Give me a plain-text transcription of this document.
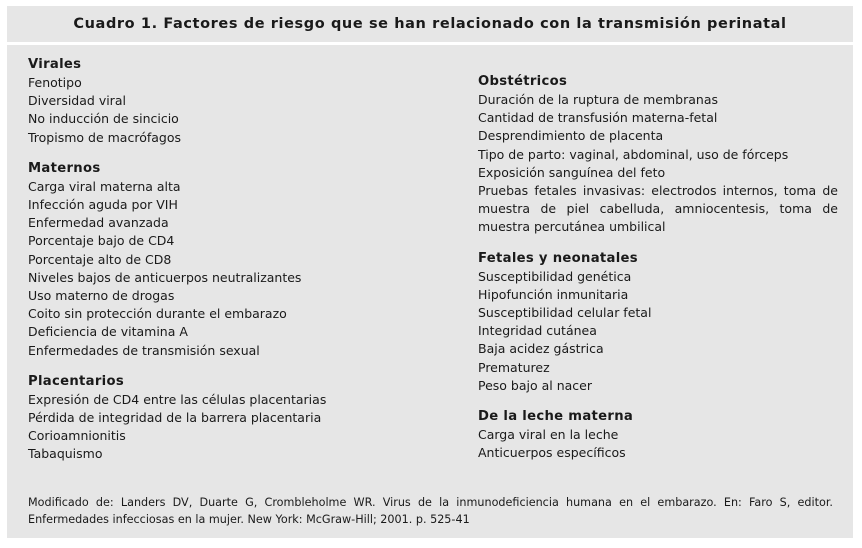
Cuadro 1. Factores de riesgo que se han relacionado con la transmisión perinatal
Virales
Fenotipo
Diversidad viral
No inducción de sincicio
Tropismo de macrófagos
Maternos
Carga viral materna alta
Infección aguda por VIH
Enfermedad avanzada
Porcentaje bajo de CD4
Porcentaje alto de CD8
Niveles bajos de anticuerpos neutralizantes
Uso materno de drogas
Coito sin protección durante el embarazo
Deficiencia de vitamina A
Enfermedades de transmisión sexual
Placentarios
Expresión de CD4 entre las células placentarias
Pérdida de integridad de la barrera placentaria
Corioamnionitis
Tabaquismo
Obstétricos
Duración de la ruptura de membranas
Cantidad de transfusión materna-fetal
Desprendimiento de placenta
Tipo de parto: vaginal, abdominal, uso de fórceps
Exposición sanguínea del feto
Pruebas fetales invasivas: electrodos internos, toma de muestra de piel cabelluda, amniocentesis, toma de muestra percutánea umbilical
Fetales y neonatales
Susceptibilidad genética
Hipofunción inmunitaria
Susceptibilidad celular fetal
Integridad cutánea
Baja acidez gástrica
Prematurez
Peso bajo al nacer
De la leche materna
Carga viral en la leche
Anticuerpos específicos
Modificado de: Landers DV, Duarte G, Crombleholme WR. Virus de la inmunodeficiencia humana en el embarazo. En: Faro S, editor. Enfermedades infecciosas en la mujer. New York: McGraw-Hill; 2001. p. 525-41
